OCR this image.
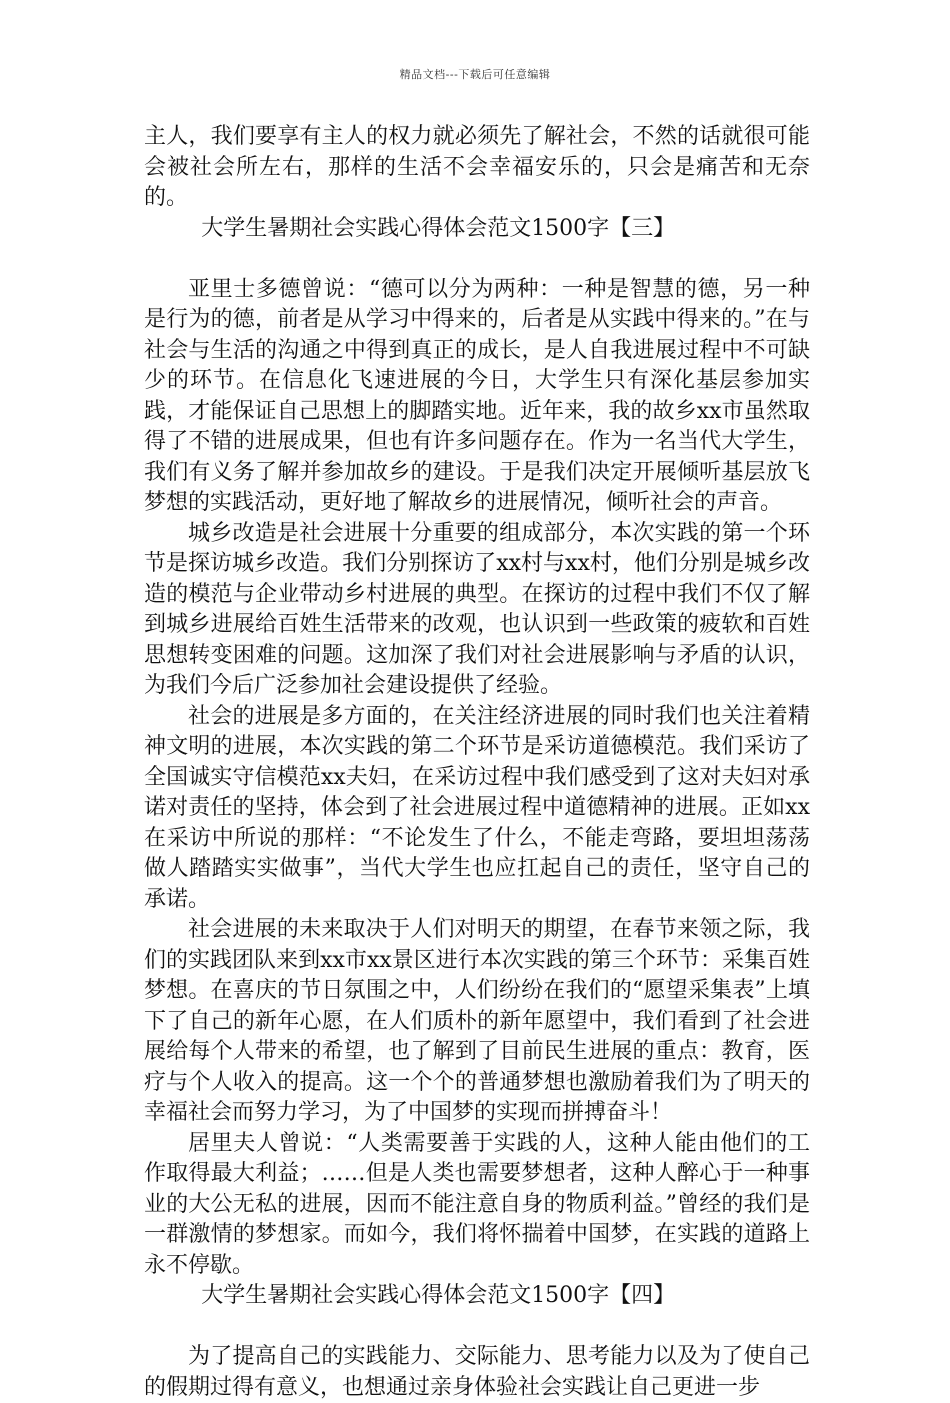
精品文档---下载后可任意编辑

主人，我们要享有主人的权力就必须先了解社会，不然的话就很可能会被社会所左右，那样的生活不会幸福安乐的，只会是痛苦和无奈的。

大学生暑期社会实践心得体会范文1500字【三】

亚里士多德曾说：“德可以分为两种：一种是智慧的德，另一种是行为的德，前者是从学习中得来的，后者是从实践中得来的。”在与社会与生活的沟通之中得到真正的成长，是人自我进展过程中不可缺少的环节。在信息化飞速进展的今日，大学生只有深化基层参加实践，才能保证自己思想上的脚踏实地。近年来，我的故乡xx市虽然取得了不错的进展成果，但也有许多问题存在。作为一名当代大学生，我们有义务了解并参加故乡的建设。于是我们决定开展倾听基层放飞梦想的实践活动，更好地了解故乡的进展情况，倾听社会的声音。

城乡改造是社会进展十分重要的组成部分，本次实践的第一个环节是探访城乡改造。我们分别探访了xx村与xx村，他们分别是城乡改造的模范与企业带动乡村进展的典型。在探访的过程中我们不仅了解到城乡进展给百姓生活带来的改观，也认识到一些政策的疲软和百姓思想转变困难的问题。这加深了我们对社会进展影响与矛盾的认识，为我们今后广泛参加社会建设提供了经验。

社会的进展是多方面的，在关注经济进展的同时我们也关注着精神文明的进展，本次实践的第二个环节是采访道德模范。我们采访了全国诚实守信模范xx夫妇，在采访过程中我们感受到了这对夫妇对承诺对责任的坚持，体会到了社会进展过程中道德精神的进展。正如xx在采访中所说的那样：“不论发生了什么，不能走弯路，要坦坦荡荡做人踏踏实实做事”，当代大学生也应扛起自己的责任，坚守自己的承诺。

社会进展的未来取决于人们对明天的期望，在春节来领之际，我们的实践团队来到xx市xx景区进行本次实践的第三个环节：采集百姓梦想。在喜庆的节日氛围之中，人们纷纷在我们的“愿望采集表”上填下了自己的新年心愿，在人们质朴的新年愿望中，我们看到了社会进展给每个人带来的希望，也了解到了目前民生进展的重点：教育，医疗与个人收入的提高。这一个个的普通梦想也激励着我们为了明天的幸福社会而努力学习，为了中国梦的实现而拼搏奋斗！

居里夫人曾说：“人类需要善于实践的人，这种人能由他们的工作取得最大利益；……但是人类也需要梦想者，这种人醉心于一种事业的大公无私的进展，因而不能注意自身的物质利益。”曾经的我们是一群激情的梦想家。而如今，我们将怀揣着中国梦，在实践的道路上永不停歇。

大学生暑期社会实践心得体会范文1500字【四】

为了提高自己的实践能力、交际能力、思考能力以及为了使自己的假期过得有意义，也想通过亲身体验社会实践让自己更进一步
